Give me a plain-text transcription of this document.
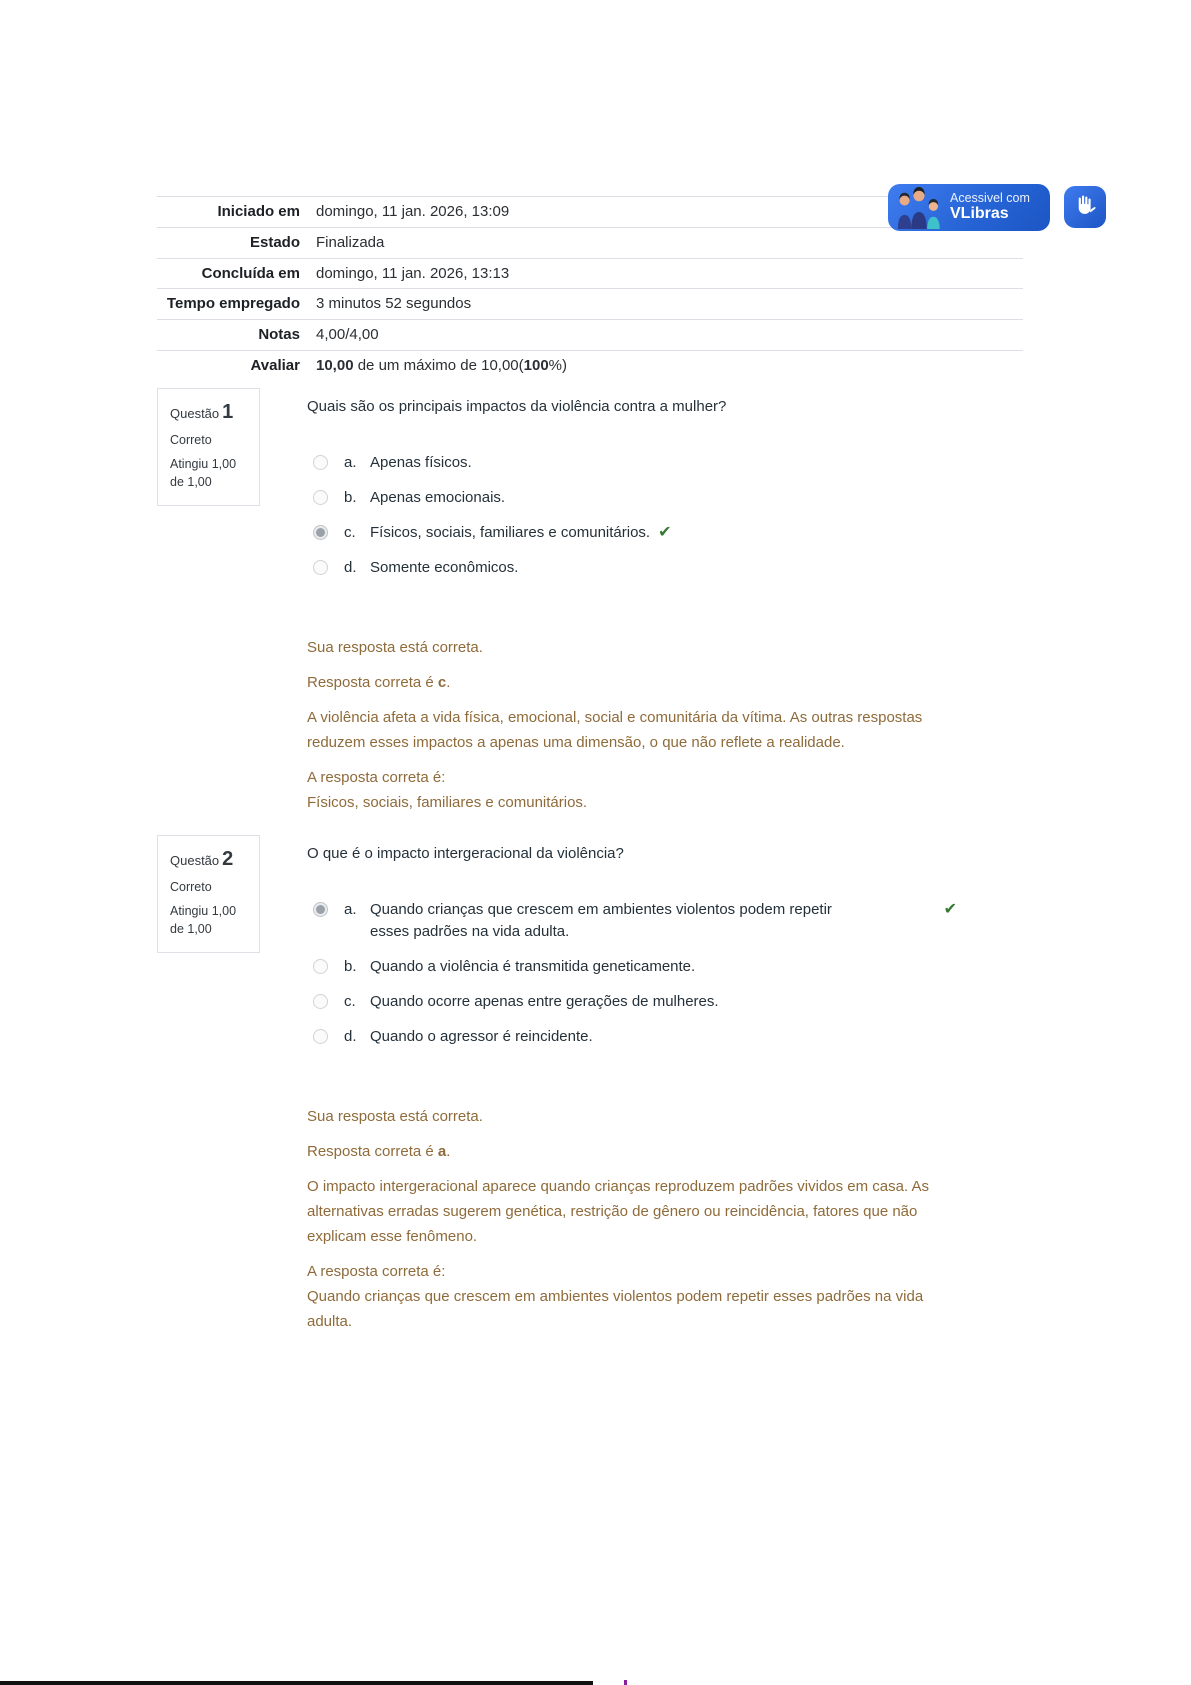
Acessivel com
VLibras
Iniciado em domingo, 11 jan. 2026, 13:09
Estado Finalizada
Concluída em domingo, 11 jan. 2026, 13:13
Tempo empregado 3 minutos 52 segundos
Notas 4,00/4,00
Avaliar 10,00 de um máximo de 10,00(100%)
Questão 1
Correto
Atingiu 1,00 de 1,00
Quais são os principais impactos da violência contra a mulher?
a. Apenas físicos.
b. Apenas emocionais.
c. Físicos, sociais, familiares e comunitários. ✔
d. Somente econômicos.

Sua resposta está correta.

Resposta correta é c.

A violência afeta a vida física, emocional, social e comunitária da vítima. As outras respostas reduzem esses impactos a apenas uma dimensão, o que não reflete a realidade.

A resposta correta é:

Físicos, sociais, familiares e comunitários.

Questão 2
Correto
Atingiu 1,00 de 1,00
O que é o impacto intergeracional da violência?
a. Quando crianças que crescem em ambientes violentos podem repetir esses padrões na vida adulta.
✔
b. Quando a violência é transmitida geneticamente.
c. Quando ocorre apenas entre gerações de mulheres.
d. Quando o agressor é reincidente.

Sua resposta está correta.

Resposta correta é a.

O impacto intergeracional aparece quando crianças reproduzem padrões vividos em casa. As alternativas erradas sugerem genética, restrição de gênero ou reincidência, fatores que não explicam esse fenômeno.

A resposta correta é:

Quando crianças que crescem em ambientes violentos podem repetir esses padrões na vida adulta.
